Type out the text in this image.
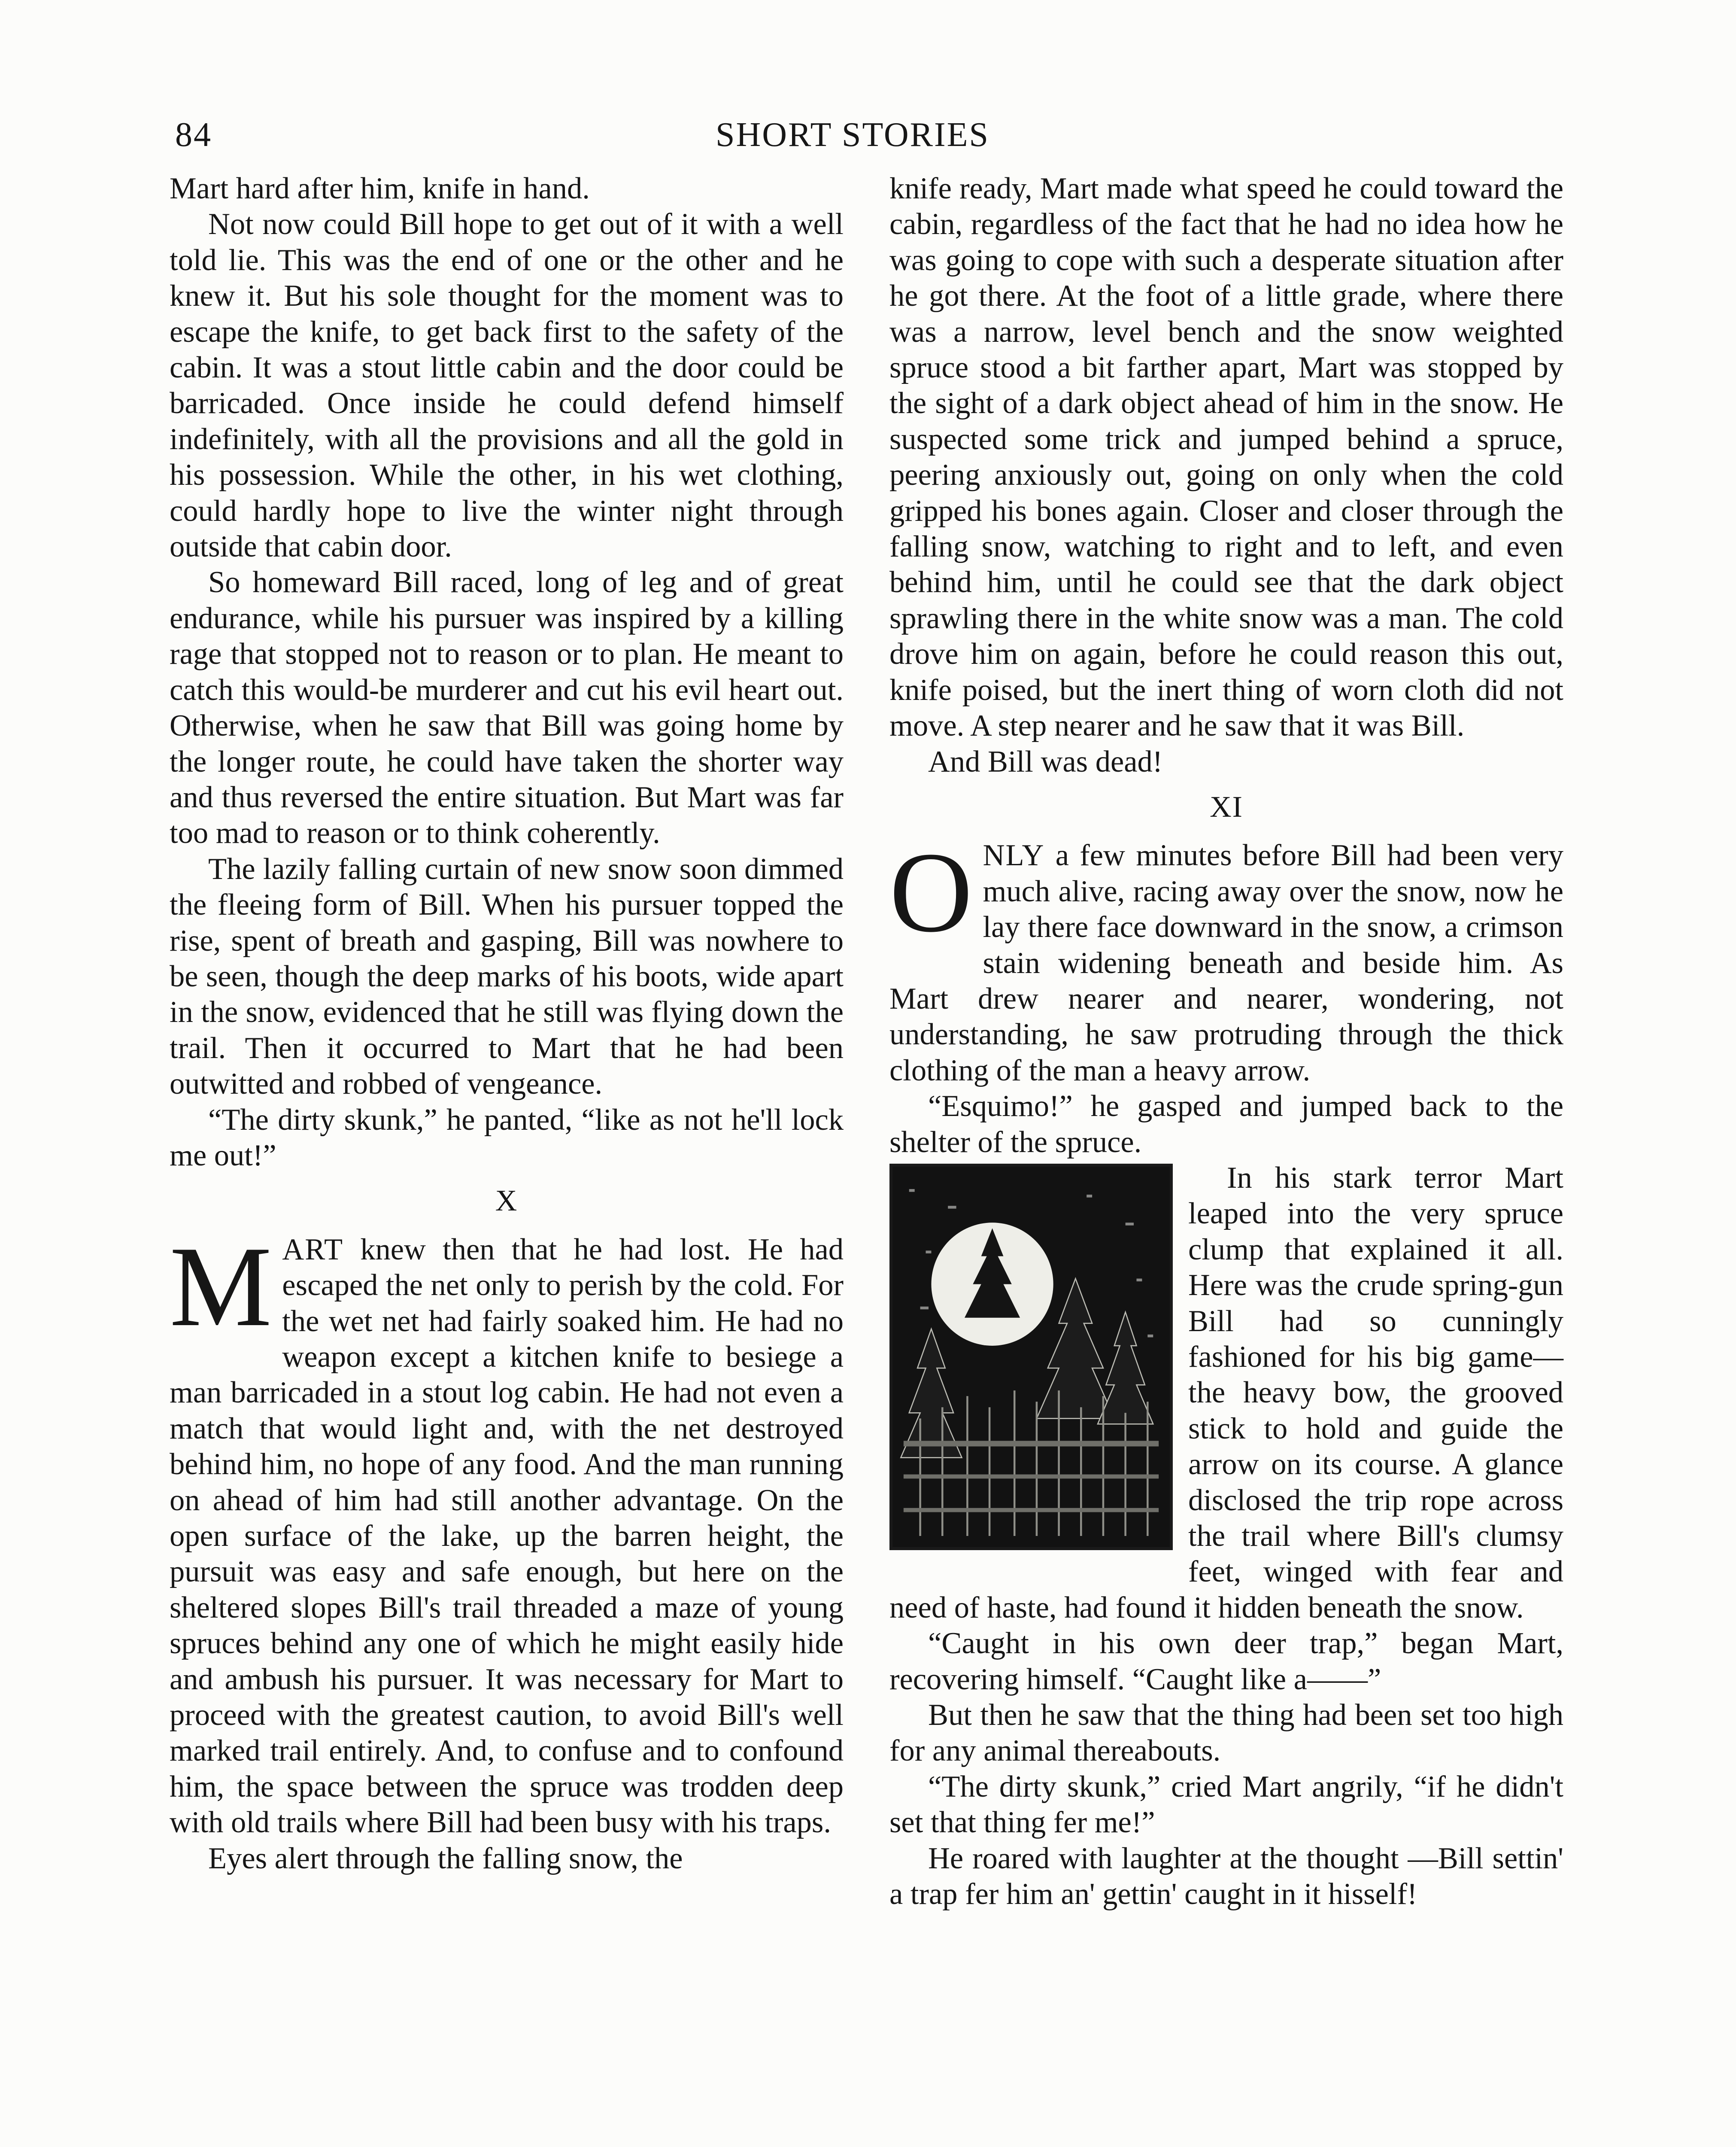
84	SHORT STORIES

Mart hard after him, knife in hand.

Not now could Bill hope to get out of it with a well told lie. This was the end of one or the other and he knew it. But his sole thought for the moment was to escape the knife, to get back first to the safety of the cabin. It was a stout little cabin and the door could be barricaded. Once inside he could defend himself indefinitely, with all the provisions and all the gold in his possession. While the other, in his wet clothing, could hardly hope to live the winter night through outside that cabin door.

So homeward Bill raced, long of leg and of great endurance, while his pursuer was inspired by a killing rage that stopped not to reason or to plan. He meant to catch this would-be murderer and cut his evil heart out. Otherwise, when he saw that Bill was going home by the longer route, he could have taken the shorter way and thus reversed the entire situation. But Mart was far too mad to reason or to think coherently.

The lazily falling curtain of new snow soon dimmed the fleeing form of Bill. When his pursuer topped the rise, spent of breath and gasping, Bill was nowhere to be seen, though the deep marks of his boots, wide apart in the snow, evidenced that he still was flying down the trail. Then it occurred to Mart that he had been outwitted and robbed of vengeance.

“The dirty skunk,” he panted, “like as not he'll lock me out!”

X

MART knew then that he had lost. He had escaped the net only to perish by the cold. For the wet net had fairly soaked him. He had no weapon except a kitchen knife to besiege a man barricaded in a stout log cabin. He had not even a match that would light and, with the net destroyed behind him, no hope of any food. And the man running on ahead of him had still another advantage. On the open surface of the lake, up the barren height, the pursuit was easy and safe enough, but here on the sheltered slopes Bill's trail threaded a maze of young spruces behind any one of which he might easily hide and ambush his pursuer. It was necessary for Mart to proceed with the greatest caution, to avoid Bill's well marked trail entirely. And, to confuse and to confound him, the space between the spruce was trodden deep with old trails where Bill had been busy with his traps.

Eyes alert through the falling snow, the

knife ready, Mart made what speed he could toward the cabin, regardless of the fact that he had no idea how he was going to cope with such a desperate situation after he got there. At the foot of a little grade, where there was a narrow, level bench and the snow weighted spruce stood a bit farther apart, Mart was stopped by the sight of a dark object ahead of him in the snow. He suspected some trick and jumped behind a spruce, peering anxiously out, going on only when the cold gripped his bones again. Closer and closer through the falling snow, watching to right and to left, and even behind him, until he could see that the dark object sprawling there in the white snow was a man. The cold drove him on again, before he could reason this out, knife poised, but the inert thing of worn cloth did not move. A step nearer and he saw that it was Bill.

And Bill was dead!

XI

ONLY a few minutes before Bill had been very much alive, racing away over the snow, now he lay there face downward in the snow, a crimson stain widening beneath and beside him. As Mart drew nearer and nearer, wondering, not understanding, he saw protruding through the thick clothing of the man a heavy arrow.

“Esquimo!” he gasped and jumped back to the shelter of the spruce.

In his stark terror Mart leaped into the very spruce clump that explained it all. Here was the crude spring-gun Bill had so cunningly fashioned for his big game—the heavy bow, the grooved stick to hold and guide the arrow on its course. A glance disclosed the trip rope across the trail where Bill's clumsy feet, winged with fear and need of haste, had found it hidden beneath the snow.

“Caught in his own deer trap,” began Mart, recovering himself. “Caught like a——”

But then he saw that the thing had been set too high for any animal thereabouts.

“The dirty skunk,” cried Mart angrily, “if he didn't set that thing fer me!”

He roared with laughter at the thought —Bill settin' a trap fer him an' gettin' caught in it hisself!
